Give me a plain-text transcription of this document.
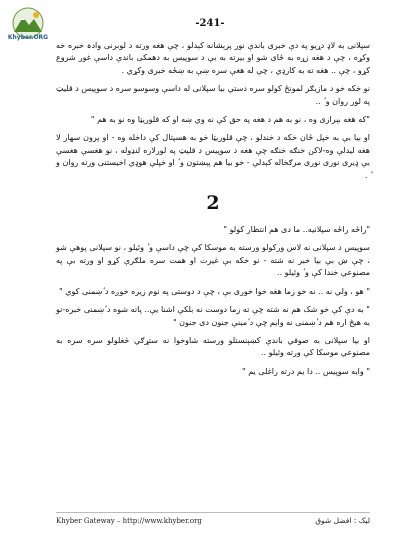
-241-
Khyber.ORG

سپلانی به لاډ دړیو په دې خبری باندې نور پرېشانه کېدلو ، چې ھغه ورته د لوبرنی وادہ خبره خه وکړه ، چې د ھغه زړه به ځای شو او بیرته به بې د سوپیس به دھمکی باندې داسې غور شروع کړو ، چې .. ھغه ته به کارډي ، چې له ھغې سره ښې به ښځه خبری وکړي .

نو خکه خو د مازیګر لمونځ کولو سره دستي بیا سپلانی له داسې وسوسو سره د سوپیس د قلیټ په لور روان و ٔ ..

"که ھغه بېرازی وه ، نو به ھم د ھغه په حق کې نه وي ښه او که قلوریټا وه نو به ھم "

او بیا بې به خپل ځان خکه د خندلو ، چې قلوریټا خو به ھسپتال کې داخله وه - او پرون سهار لا ھغه لیدلې وه-لاکن خنګه خنګه چې ھغه د سوپیس د قلیټ په لورلاره لنډوله ، نو ھغسې ھغسې بې ډیری نوری نوری مرګخاله کېدلې - خو بیا ھم پېښتون و ٔ او خپلې ھوډي اخیستنی ورته روان و ٔ .

2

"راځه راځه سپلانیه.. ما دی ھم انتظار کولو "

سوپیس د سپلانی نه لاس ورکولو ورسته به موسکا کې چې داسې و ٔ وئیلو ، نو سپلانی پوھې شو ، چې ښ بې بیا خبر نه شته - نو خکه بې غیرت او ھمت سره ملګرې کړو او ورته بې په مصنوعي خندا کې و ٔ وئیلو ..

" ھو ، ولي نه .. نه خو زما ھغه خوا خوری بې ، چې د دوستی په نوم زیره خوږه د ٔښمنی کوي "

" به دې کې خو شک ھم نه شته چې ته زما دوست نه بلکې اشنا یې.. پاته شوه د ٔښمنی خبره-نو به ھیڅ اره ھم د ٔښمنی نه وایم چې د ٔمینې جنون دی جنون "

او بیا سپلانی به صوفي باندې کښېنستلو ورسته شاوخوا نه ستړګي څغلولو سره سره به مصنوعي موسکا کې ورته وئیلو ..

" وایه سوپیس .. دا یم درته راغلی یم "

Khyber Gateway – http://www.khyber.org	لیک : افضل شوق
